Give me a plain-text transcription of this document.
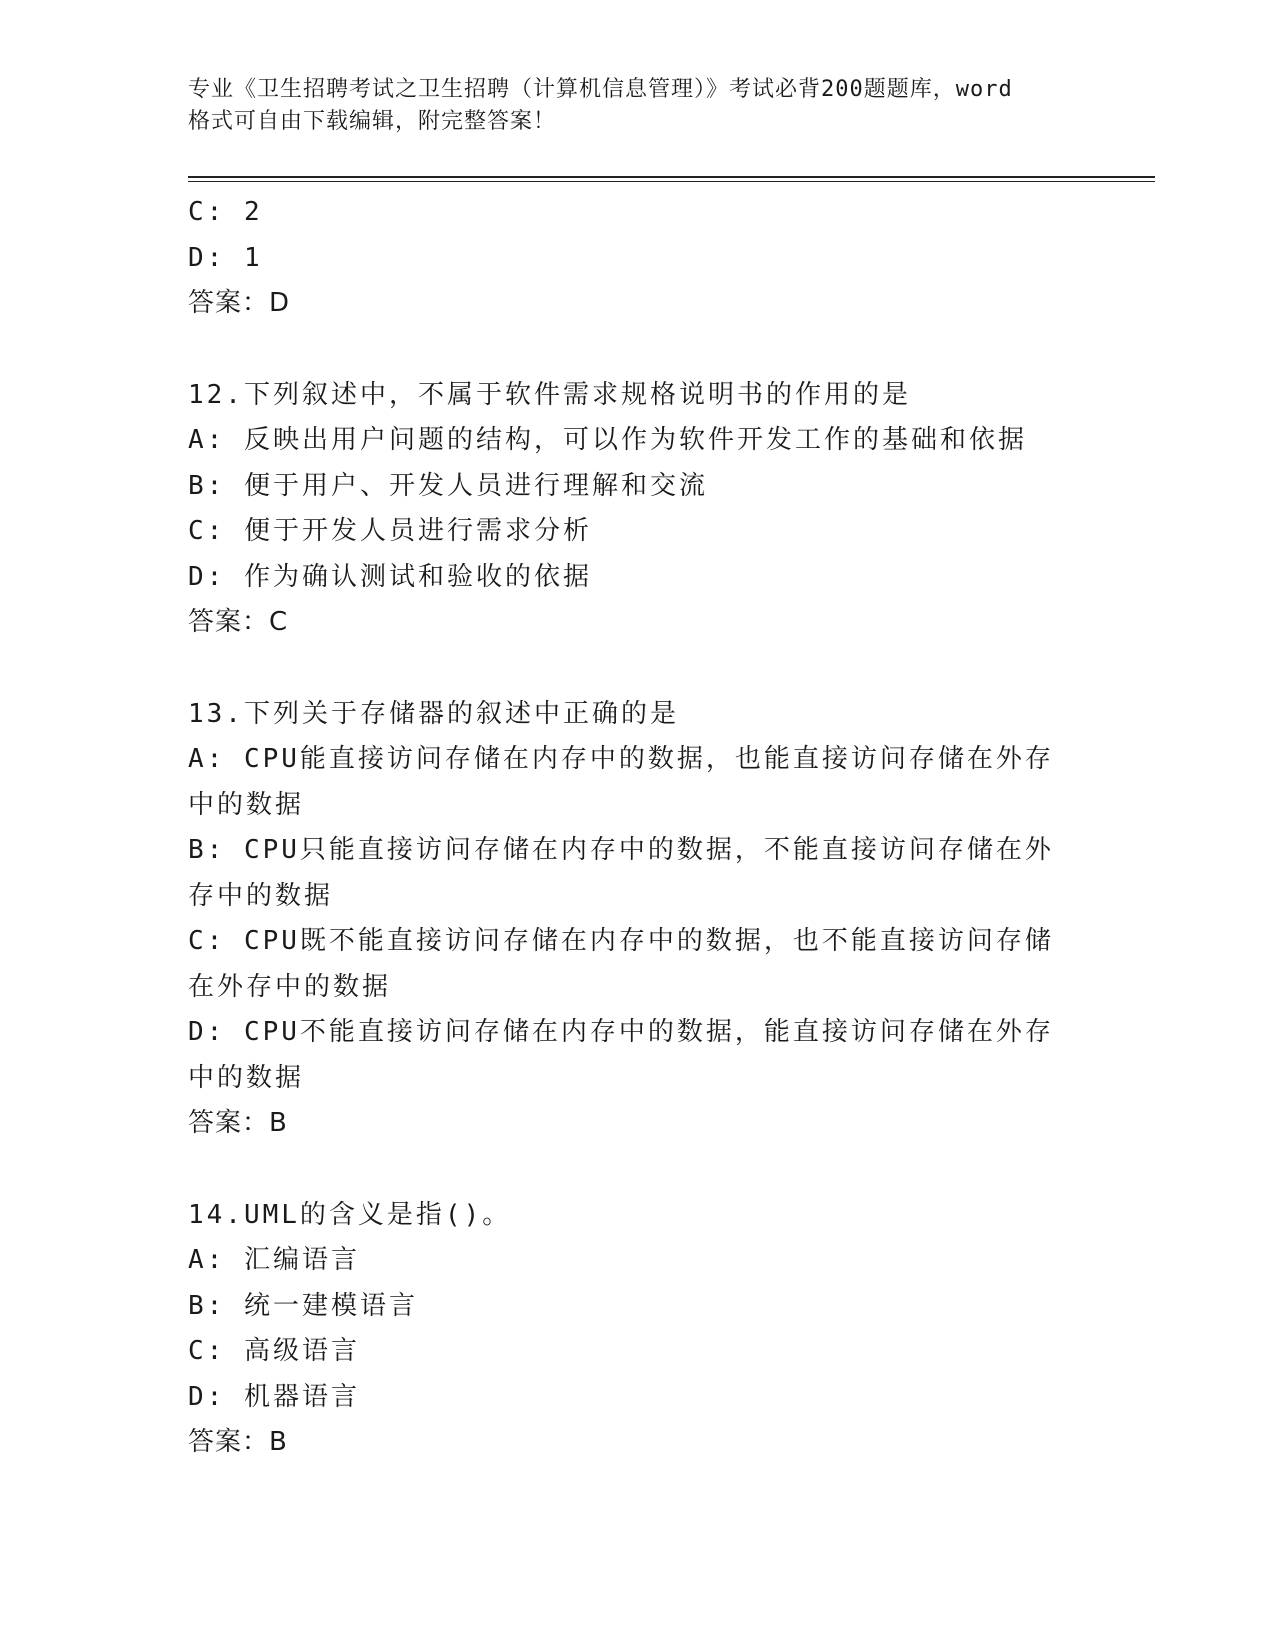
专业《卫生招聘考试之卫生招聘（计算机信息管理）》考试必背200题题库，word
格式可自由下载编辑，附完整答案！
C: 2
D: 1
答案：D
12.下列叙述中，不属于软件需求规格说明书的作用的是
A: 反映出用户问题的结构，可以作为软件开发工作的基础和依据
B: 便于用户、开发人员进行理解和交流
C: 便于开发人员进行需求分析
D: 作为确认测试和验收的依据
答案：C
13.下列关于存储器的叙述中正确的是
A: CPU能直接访问存储在内存中的数据，也能直接访问存储在外存中的数据
B: CPU只能直接访问存储在内存中的数据，不能直接访问存储在外存中的数据
C: CPU既不能直接访问存储在内存中的数据，也不能直接访问存储在外存中的数据
D: CPU不能直接访问存储在内存中的数据，能直接访问存储在外存中的数据
答案：B
14.UML的含义是指()。
A: 汇编语言
B: 统一建模语言
C: 高级语言
D: 机器语言
答案：B
